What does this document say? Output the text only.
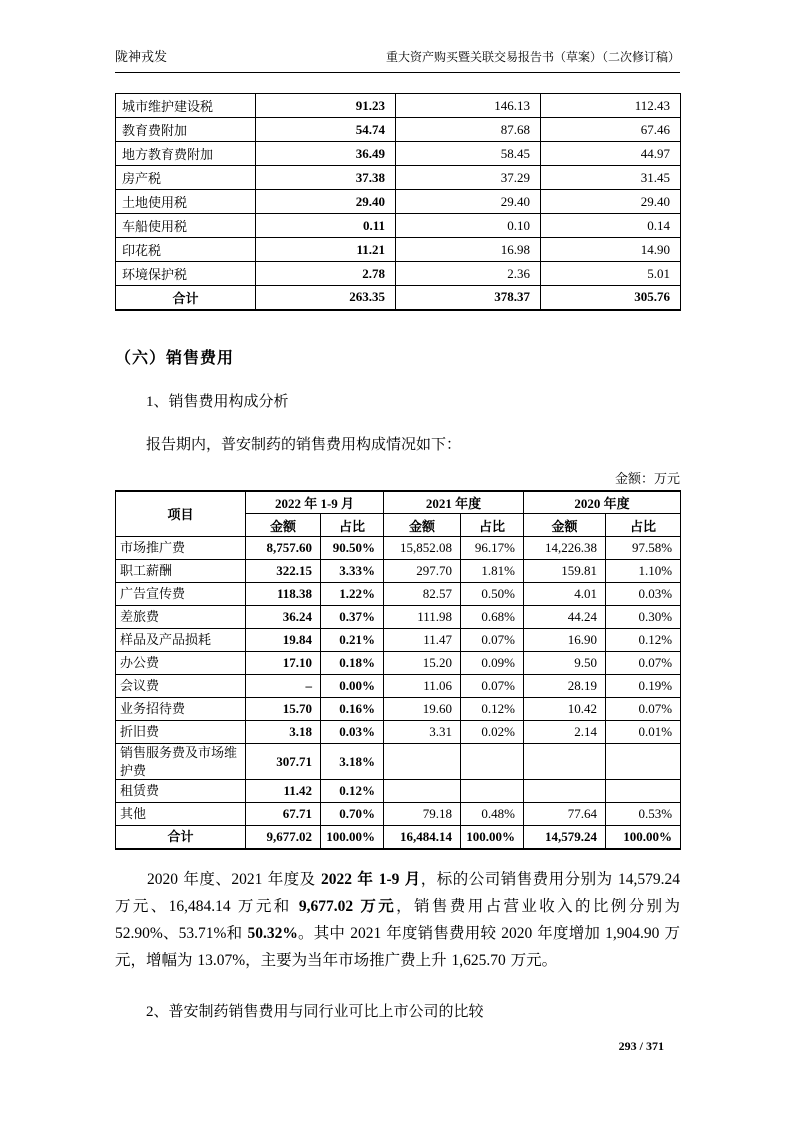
陇神戎发	重大资产购买暨关联交易报告书（草案）（二次修订稿）
城市维护建设税	91.23	146.13	112.43
教育费附加	54.74	87.68	67.46
地方教育费附加	36.49	58.45	44.97
房产税	37.38	37.29	31.45
土地使用税	29.40	29.40	29.40
车船使用税	0.11	0.10	0.14
印花税	11.21	16.98	14.90
环境保护税	2.78	2.36	5.01
合计	263.35	378.37	305.76
（六）销售费用

1、销售费用构成分析

报告期内，普安制药的销售费用构成情况如下：

金额：万元
项目	2022 年 1-9 月		2021 年度		2020 年度	
	金额	占比	金额	占比	金额	占比
市场推广费	8,757.60	90.50%	15,852.08	96.17%	14,226.38	97.58%
职工薪酬	322.15	3.33%	297.70	1.81%	159.81	1.10%
广告宣传费	118.38	1.22%	82.57	0.50%	4.01	0.03%
差旅费	36.24	0.37%	111.98	0.68%	44.24	0.30%
样品及产品损耗	19.84	0.21%	11.47	0.07%	16.90	0.12%
办公费	17.10	0.18%	15.20	0.09%	9.50	0.07%
会议费	–	0.00%	11.06	0.07%	28.19	0.19%
业务招待费	15.70	0.16%	19.60	0.12%	10.42	0.07%
折旧费	3.18	0.03%	3.31	0.02%	2.14	0.01%
销售服务费及市场维护费	307.71	3.18%				
租赁费	11.42	0.12%				
其他	67.71	0.70%	79.18	0.48%	77.64	0.53%
合计	9,677.02	100.00%	16,484.14	100.00%	14,579.24	100.00%

2020 年度、2021 年度及 2022 年 1-9 月，标的公司销售费用分别为 14,579.24 万元、16,484.14 万元和 9,677.02 万元，销售费用占营业收入的比例分别为 52.90%、53.71%和 50.32%。其中 2021 年度销售费用较 2020 年度增加 1,904.90 万元，增幅为 13.07%，主要为当年市场推广费上升 1,625.70 万元。

2、普安制药销售费用与同行业可比上市公司的比较

293 / 371
